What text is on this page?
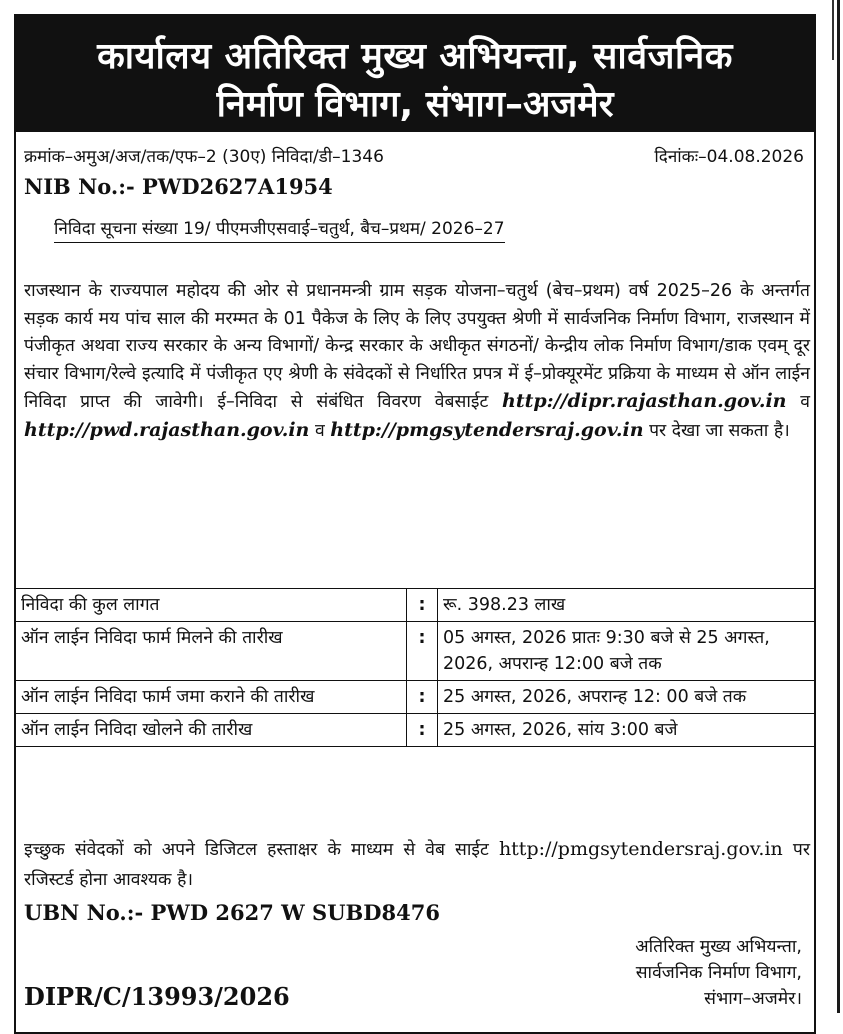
कार्यालय अतिरिक्त मुख्य अभियन्ता, सार्वजनिक
निर्माण विभाग, संभाग–अजमेर
क्रमांक–अमुअ/अज/तक/एफ–2 (30ए) निविदा/डी–1346	दिनांकः–04.08.2026
NIB No.:- PWD2627A1954
निविदा सूचना संख्या 19/ पीएमजीएसवाई–चतुर्थ, बैच–प्रथम/ 2026–27
राजस्थान के राज्यपाल महोदय की ओर से प्रधानमन्त्री ग्राम सड़क योजना–चतुर्थ (बेच–प्रथम) वर्ष 2025–26 के अन्तर्गत सड़क कार्य मय पांच साल की मरम्मत के 01 पैकेज के लिए के लिए उपयुक्त श्रेणी में सार्वजनिक निर्माण विभाग, राजस्थान में पंजीकृत अथवा राज्य सरकार के अन्य विभागों/ केन्द्र सरकार के अधीकृत संगठनों/ केन्द्रीय लोक निर्माण विभाग/डाक एवम् दूर संचार विभाग/रेल्वे इत्यादि में पंजीकृत एए श्रेणी के संवेदकों से निर्धारित प्रपत्र में ई–प्रोक्यूरमेंट प्रक्रिया के माध्यम से ऑन लाईन निविदा प्राप्त की जावेगी। ई–निविदा से संबंधित विवरण वेबसाईट http://dipr.rajasthan.gov.in व http://pwd.rajasthan.gov.in व http://pmgsytendersraj.gov.in पर देखा जा सकता है।
निविदा की कुल लागत	:	रू. 398.23 लाख
ऑन लाईन निविदा फार्म मिलने की तारीख	:	05 अगस्त, 2026 प्रातः 9:30 बजे से 25 अगस्त, 2026, अपरान्ह 12:00 बजे तक
ऑन लाईन निविदा फार्म जमा कराने की तारीख	:	25 अगस्त, 2026, अपरान्ह 12: 00 बजे तक
ऑन लाईन निविदा खोलने की तारीख	:	25 अगस्त, 2026, सांय 3:00 बजे
इच्छुक संवेदकों को अपने डिजिटल हस्ताक्षर के माध्यम से वेब साईट http://pmgsytendersraj.gov.in पर रजिस्टर्ड होना आवश्यक है।
UBN No.:- PWD 2627 W SUBD8476
अतिरिक्त मुख्य अभियन्ता,
सार्वजनिक निर्माण विभाग,
संभाग–अजमेर।
DIPR/C/13993/2026
